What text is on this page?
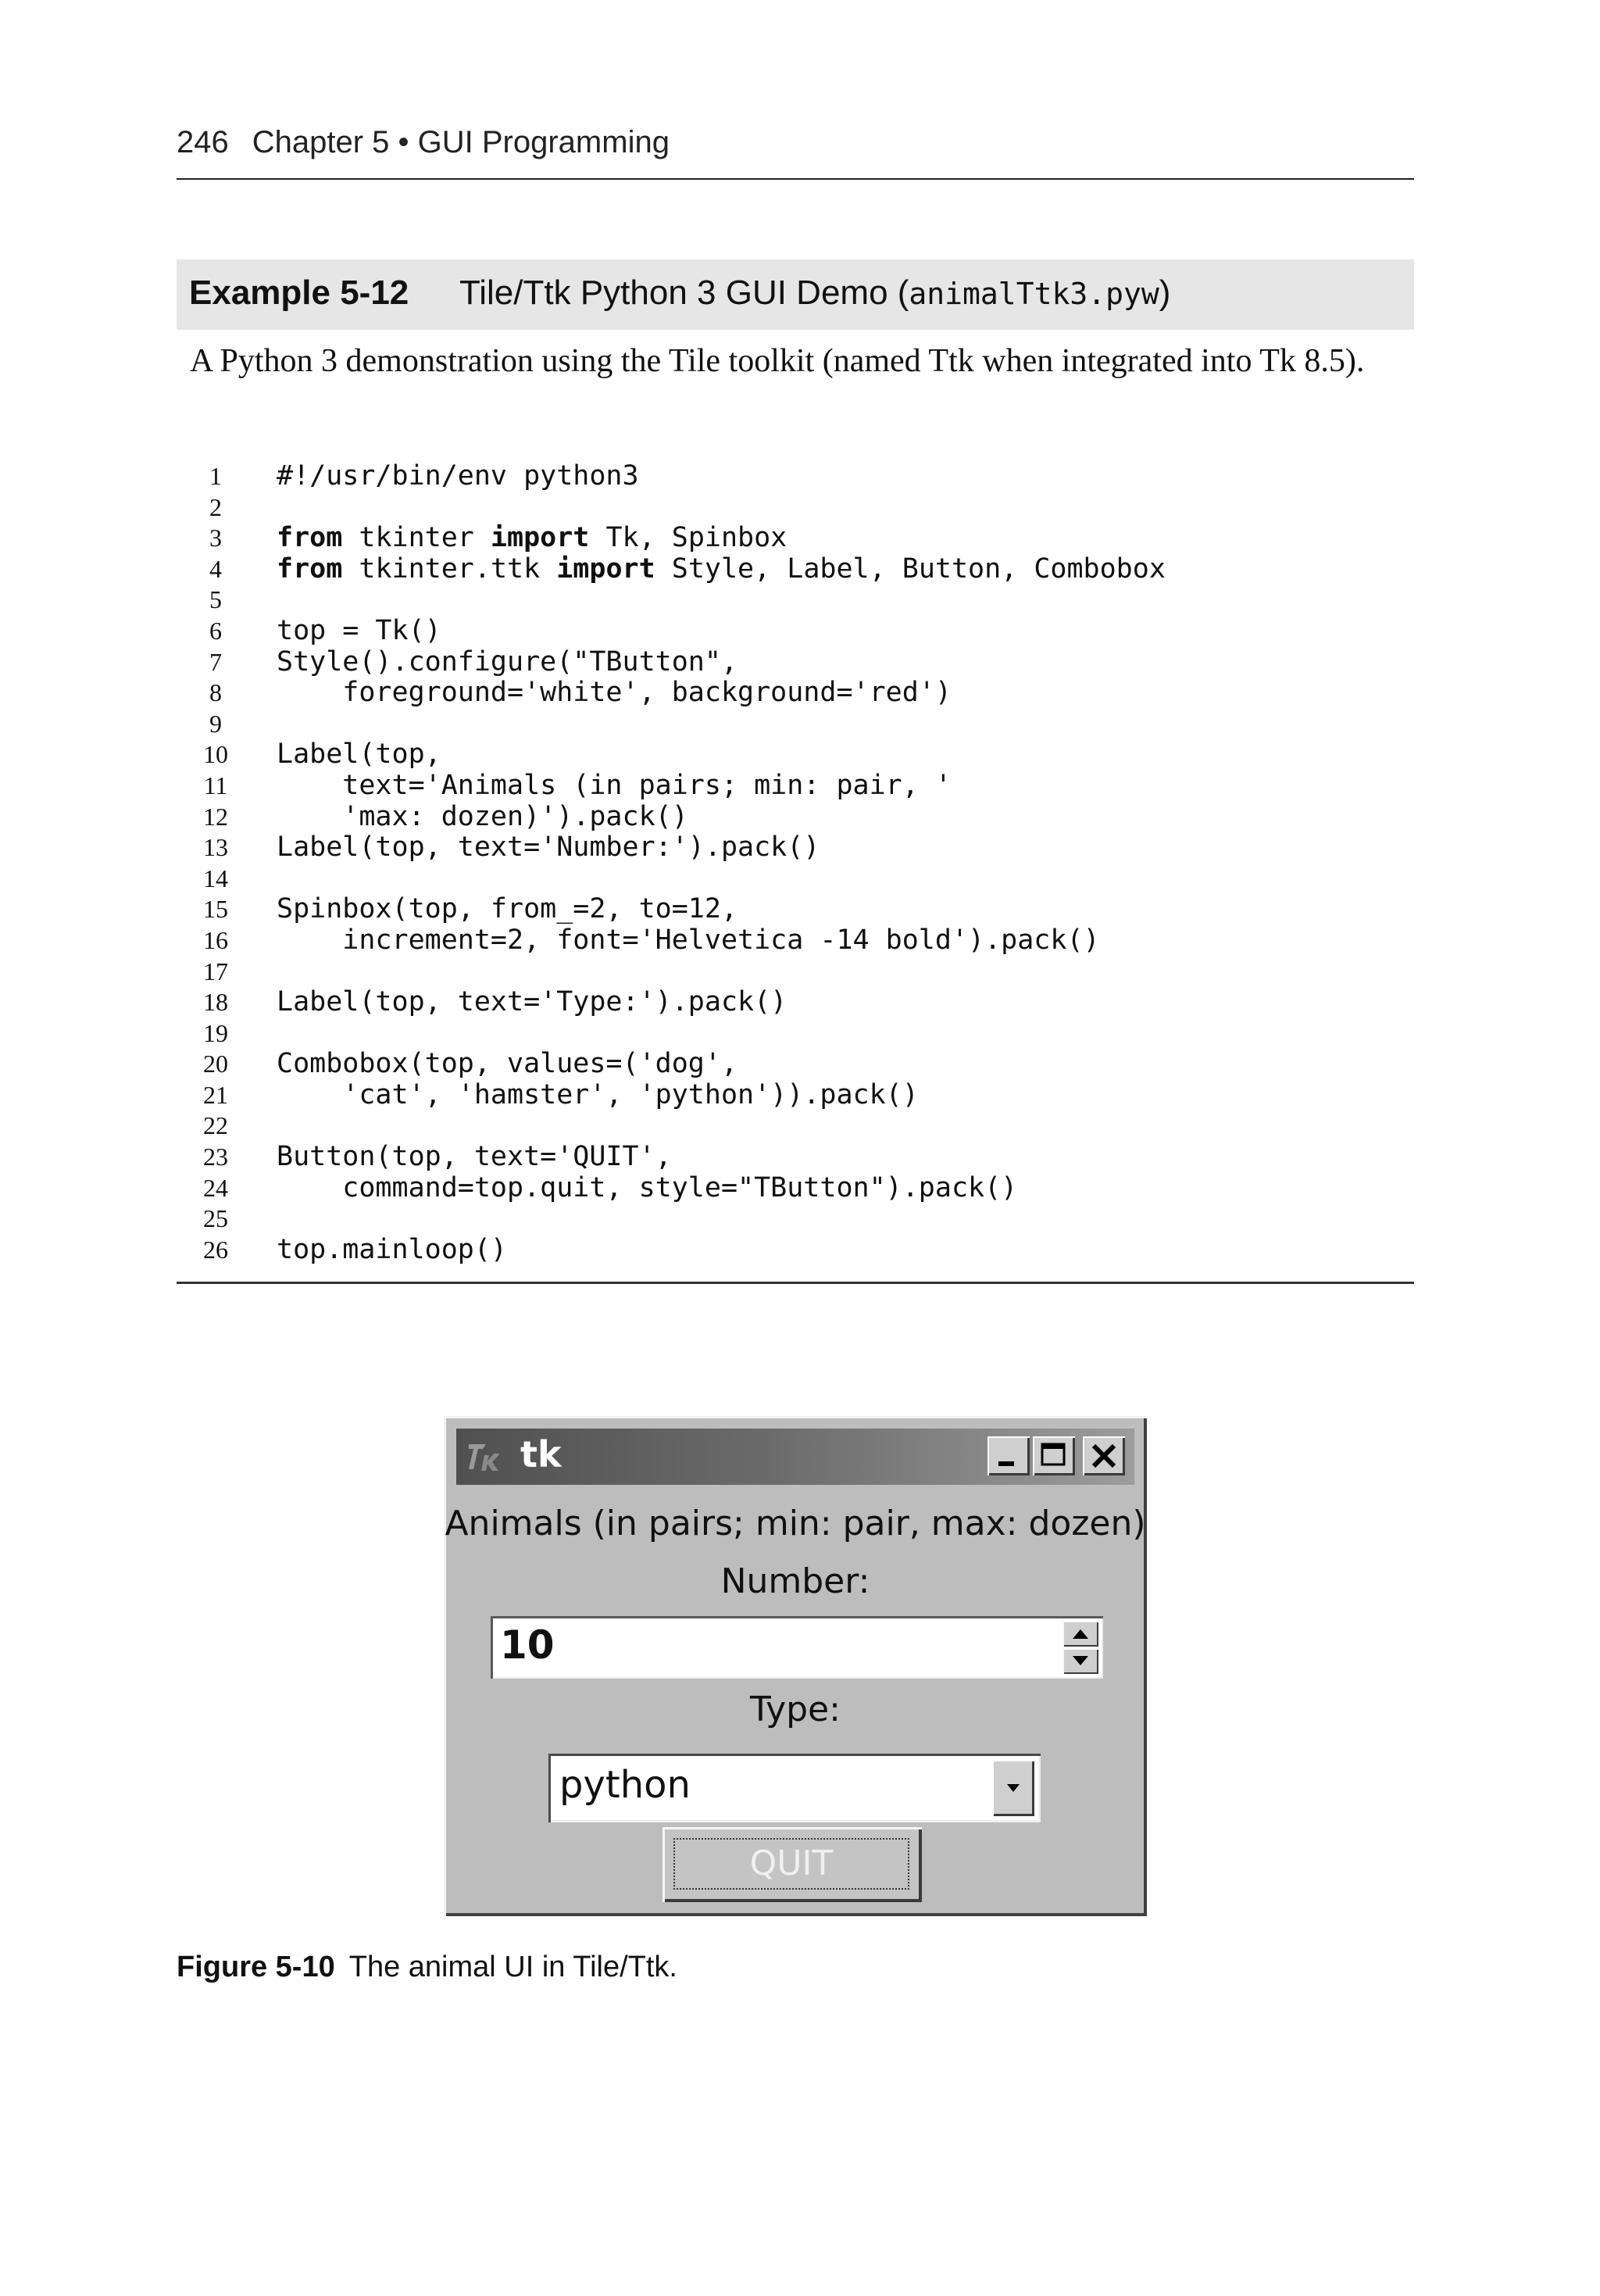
246 Chapter 5 • GUI Programming
Example 5-12 Tile/Ttk Python 3 GUI Demo (animalTtk3.pyw)
A Python 3 demonstration using the Tile toolkit (named Ttk when integrated into Tk 8.5).
1	#!/usr/bin/env python3
2
3	from tkinter import Tk, Spinbox
4	from tkinter.ttk import Style, Label, Button, Combobox
5
6	top = Tk()
7	Style().configure("TButton",
8	foreground='white', background='red')
9
10	Label(top,
11	text='Animals (in pairs; min: pair, '
12	'max: dozen)').pack()
13	Label(top, text='Number:').pack()
14
15	Spinbox(top, from_=2, to=12,
16	increment=2, font='Helvetica -14 bold').pack()
17
18	Label(top, text='Type:').pack()
19
20	Combobox(top, values=('dog',
21	'cat', 'hamster', 'python')).pack()
22
23	Button(top, text='QUIT',
24	command=top.quit, style="TButton").pack()
25
26	top.mainloop()
tk
Animals (in pairs; min: pair, max: dozen)
Number:
10
Type:
python
QUIT
Figure 5-10 The animal UI in Tile/Ttk.
